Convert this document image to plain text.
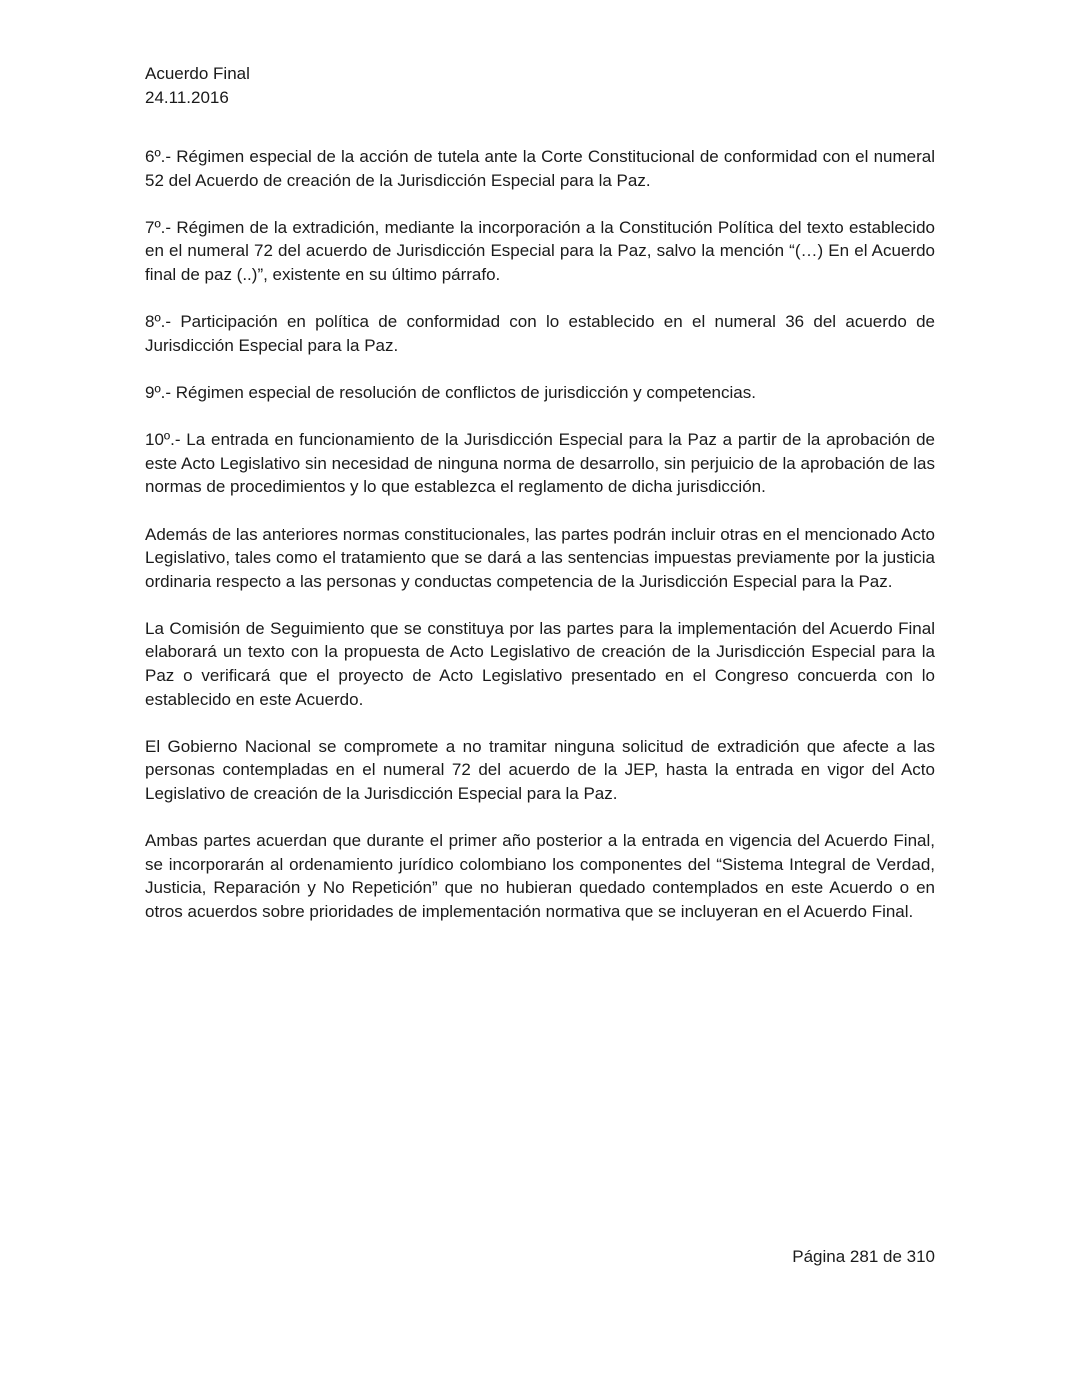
Acuerdo Final
24.11.2016

6º.- Régimen especial de la acción de tutela ante la Corte Constitucional de conformidad con el numeral 52 del Acuerdo de creación de la Jurisdicción Especial para la Paz.

7º.- Régimen de la extradición, mediante la incorporación a la Constitución Política del texto establecido en el numeral 72 del acuerdo de Jurisdicción Especial para la Paz, salvo la mención “(…) En el Acuerdo final de paz (..)”, existente en su último párrafo.

8º.- Participación en política de conformidad con lo establecido en el numeral 36 del acuerdo de Jurisdicción Especial para la Paz.

9º.- Régimen especial de resolución de conflictos de jurisdicción y competencias.

10º.- La entrada en funcionamiento de la Jurisdicción Especial para la Paz a partir de la aprobación de este Acto Legislativo sin necesidad de ninguna norma de desarrollo, sin perjuicio de la aprobación de las normas de procedimientos y lo que establezca el reglamento de dicha jurisdicción.

Además de las anteriores normas constitucionales, las partes podrán incluir otras en el mencionado Acto Legislativo, tales como el tratamiento que se dará a las sentencias impuestas previamente por la justicia ordinaria respecto a las personas y conductas competencia de la Jurisdicción Especial para la Paz.

La Comisión de Seguimiento que se constituya por las partes para la implementación del Acuerdo Final elaborará un texto con la propuesta de Acto Legislativo de creación de la Jurisdicción Especial para la Paz o verificará que el proyecto de Acto Legislativo presentado en el Congreso concuerda con lo establecido en este Acuerdo.

El Gobierno Nacional se compromete a no tramitar ninguna solicitud de extradición que afecte a las personas contempladas en el numeral 72 del acuerdo de la JEP, hasta la entrada en vigor del Acto Legislativo de creación de la Jurisdicción Especial para la Paz.

Ambas partes acuerdan que durante el primer año posterior a la entrada en vigencia del Acuerdo Final, se incorporarán al ordenamiento jurídico colombiano los componentes del “Sistema Integral de Verdad, Justicia, Reparación y No Repetición” que no hubieran quedado contemplados en este Acuerdo o en otros acuerdos sobre prioridades de implementación normativa que se incluyeran en el Acuerdo Final.

Página 281 de 310
